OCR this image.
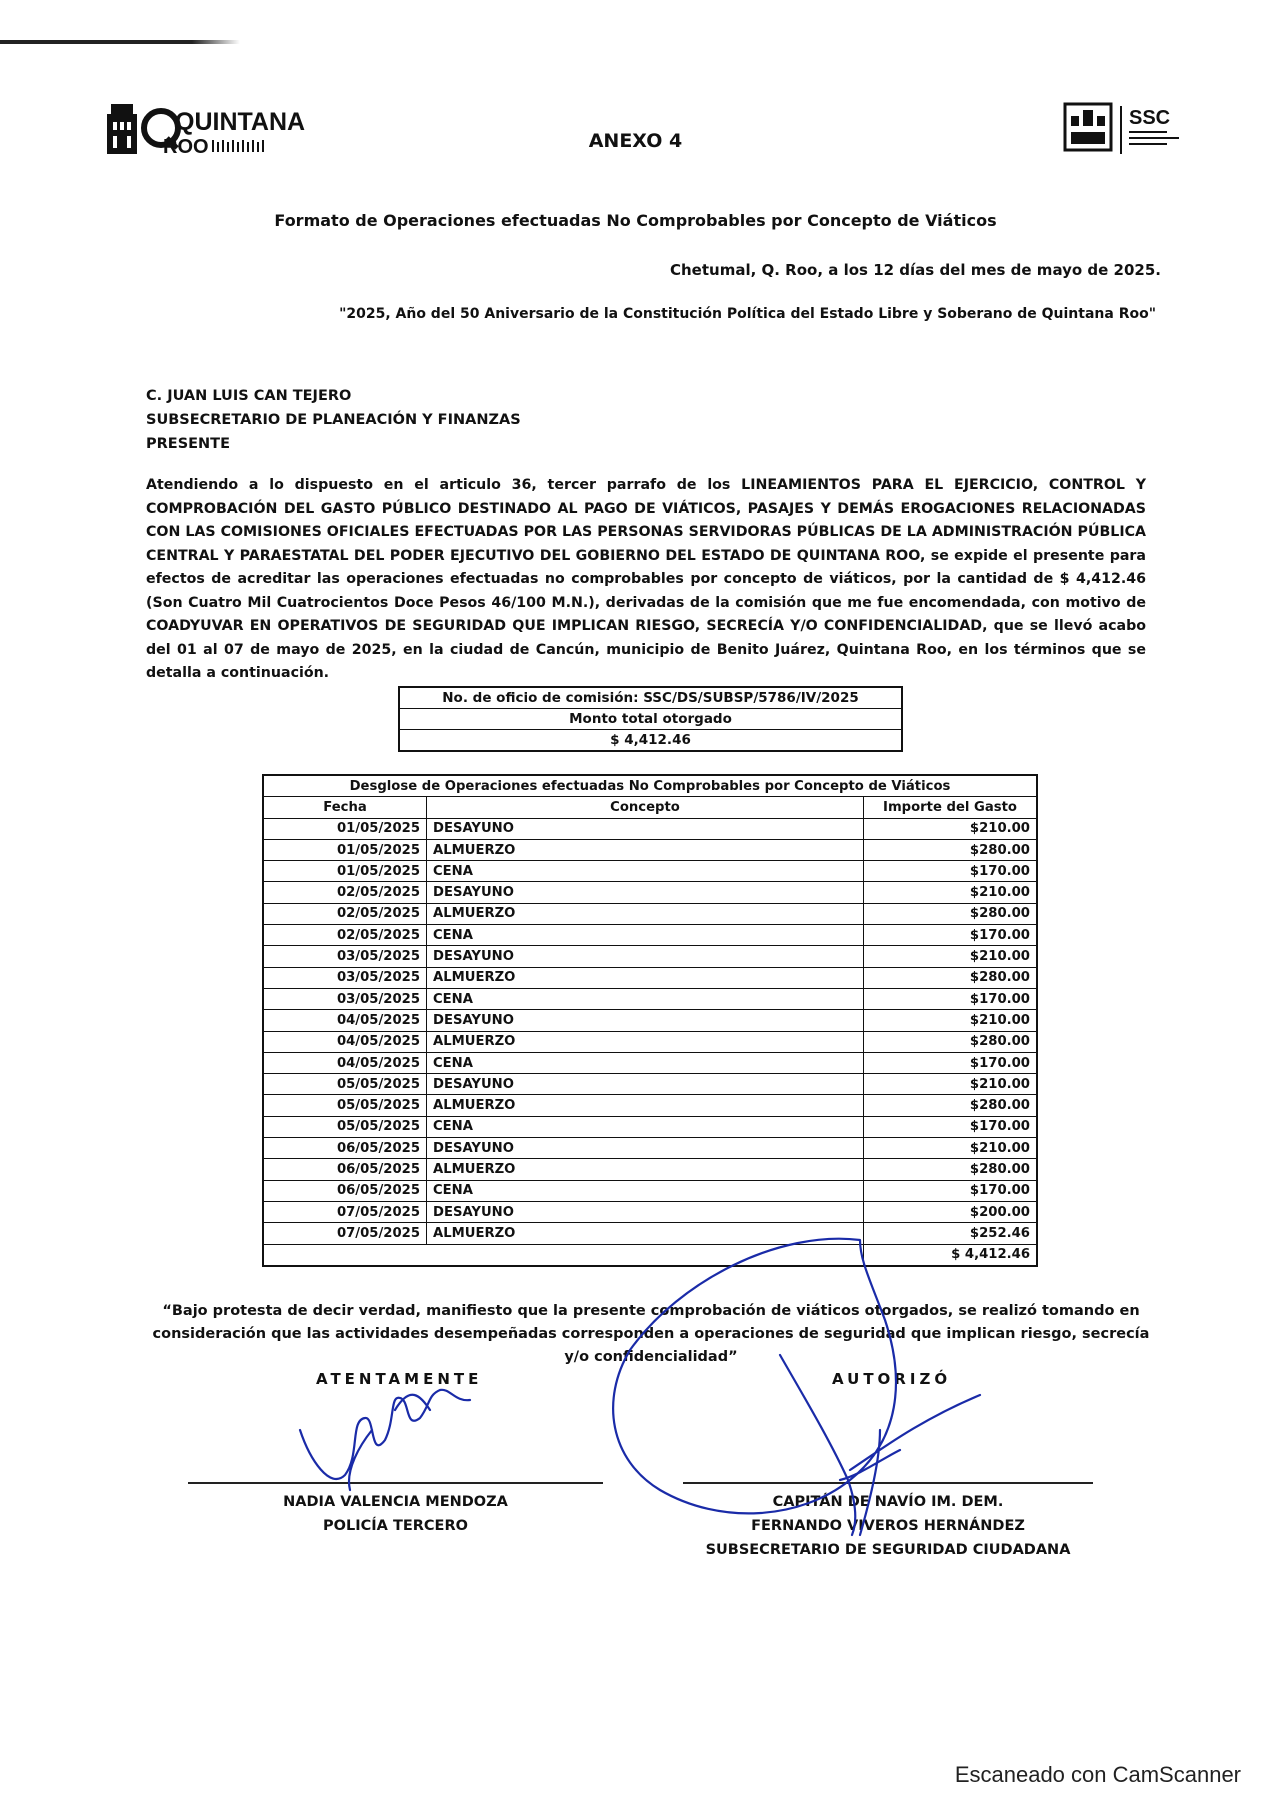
QUINTANA
ROO	ANEXO 4
SSC
Formato de Operaciones efectuadas No Comprobables por Concepto de Viáticos
Chetumal, Q. Roo, a los 12 días del mes de mayo de 2025.
"2025, Año del 50 Aniversario de la Constitución Política del Estado Libre y Soberano de Quintana Roo"
C. JUAN LUIS CAN TEJERO
SUBSECRETARIO DE PLANEACIÓN Y FINANZAS
PRESENTE
Atendiendo a lo dispuesto en el articulo 36, tercer parrafo de los LINEAMIENTOS PARA EL EJERCICIO, CONTROL Y COMPROBACIÓN DEL GASTO PÚBLICO DESTINADO AL PAGO DE VIÁTICOS, PASAJES Y DEMÁS EROGACIONES RELACIONADAS CON LAS COMISIONES OFICIALES EFECTUADAS POR LAS PERSONAS SERVIDORAS PÚBLICAS DE LA ADMINISTRACIÓN PÚBLICA CENTRAL Y PARAESTATAL DEL PODER EJECUTIVO DEL GOBIERNO DEL ESTADO DE QUINTANA ROO, se expide el presente para efectos de acreditar las operaciones efectuadas no comprobables por concepto de viáticos, por la cantidad de $ 4,412.46 (Son Cuatro Mil Cuatrocientos Doce Pesos 46/100 M.N.), derivadas de la comisión que me fue encomendada, con motivo de COADYUVAR EN OPERATIVOS DE SEGURIDAD QUE IMPLICAN RIESGO, SECRECÍA Y/O CONFIDENCIALIDAD, que se llevó acabo del 01 al 07 de mayo de 2025, en la ciudad de Cancún, municipio de Benito Juárez, Quintana Roo, en los términos que se detalla a continuación.
No. de oficio de comisión: SSC/DS/SUBSP/5786/IV/2025
Monto total otorgado
$ 4,412.46
Desglose de Operaciones efectuadas No Comprobables por Concepto de Viáticos		
Fecha	Concepto	Importe del Gasto
01/05/2025	DESAYUNO	$210.00
01/05/2025	ALMUERZO	$280.00
01/05/2025	CENA	$170.00
02/05/2025	DESAYUNO	$210.00
02/05/2025	ALMUERZO	$280.00
02/05/2025	CENA	$170.00
03/05/2025	DESAYUNO	$210.00
03/05/2025	ALMUERZO	$280.00
03/05/2025	CENA	$170.00
04/05/2025	DESAYUNO	$210.00
04/05/2025	ALMUERZO	$280.00
04/05/2025	CENA	$170.00
05/05/2025	DESAYUNO	$210.00
05/05/2025	ALMUERZO	$280.00
05/05/2025	CENA	$170.00
06/05/2025	DESAYUNO	$210.00
06/05/2025	ALMUERZO	$280.00
06/05/2025	CENA	$170.00
07/05/2025	DESAYUNO	$200.00
07/05/2025	ALMUERZO	$252.46
		$ 4,412.46
“Bajo protesta de decir verdad, manifiesto que la presente comprobación de viáticos otorgados, se realizó tomando en consideración que las actividades desempeñadas corresponden a operaciones de seguridad que implican riesgo, secrecía y/o confidencialidad”
ATENTAMENTE	AUTORIZÓ
NADIA VALENCIA MENDOZA
POLICÍA TERCERO
CAPITÁN DE NAVÍO IM. DEM.
FERNANDO VIVEROS HERNÁNDEZ
SUBSECRETARIO DE SEGURIDAD CIUDADANA
Escaneado con CamScanner
